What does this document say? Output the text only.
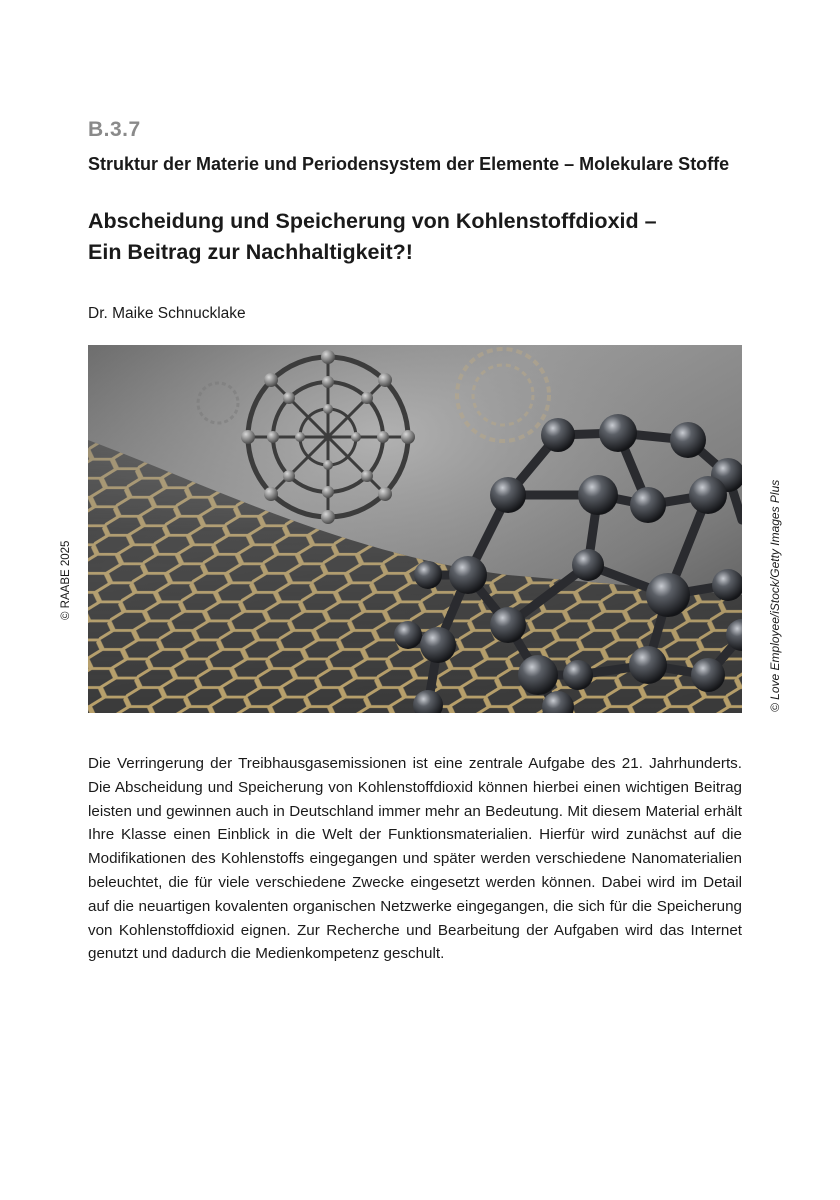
B.3.7
Struktur der Materie und Periodensystem der Elemente – Molekulare Stoffe
Abscheidung und Speicherung von Kohlenstoffdioxid –
Ein Beitrag zur Nachhaltigkeit?!
Dr. Maike Schnucklake
© RAABE 2025	© Love Employee/iStock/Getty Images Plus
Die Verringerung der Treibhausgasemissionen ist eine zentrale Aufgabe des 21. Jahrhunderts. Die Abscheidung und Speicherung von Kohlenstoffdioxid können hierbei einen wichtigen Beitrag leisten und gewinnen auch in Deutschland immer mehr an Bedeutung. Mit diesem Material erhält Ihre Klasse einen Einblick in die Welt der Funktionsmaterialien. Hierfür wird zunächst auf die Modifikationen des Kohlenstoffs eingegangen und später werden verschiedene Nanomaterialien beleuchtet, die für viele verschiedene Zwecke eingesetzt werden können. Dabei wird im Detail auf die neuartigen kovalenten organischen Netzwerke eingegangen, die sich für die Speicherung von Kohlenstoffdioxid eignen. Zur Recherche und Bearbeitung der Aufgaben wird das Internet genutzt und dadurch die Medienkompetenz geschult.
